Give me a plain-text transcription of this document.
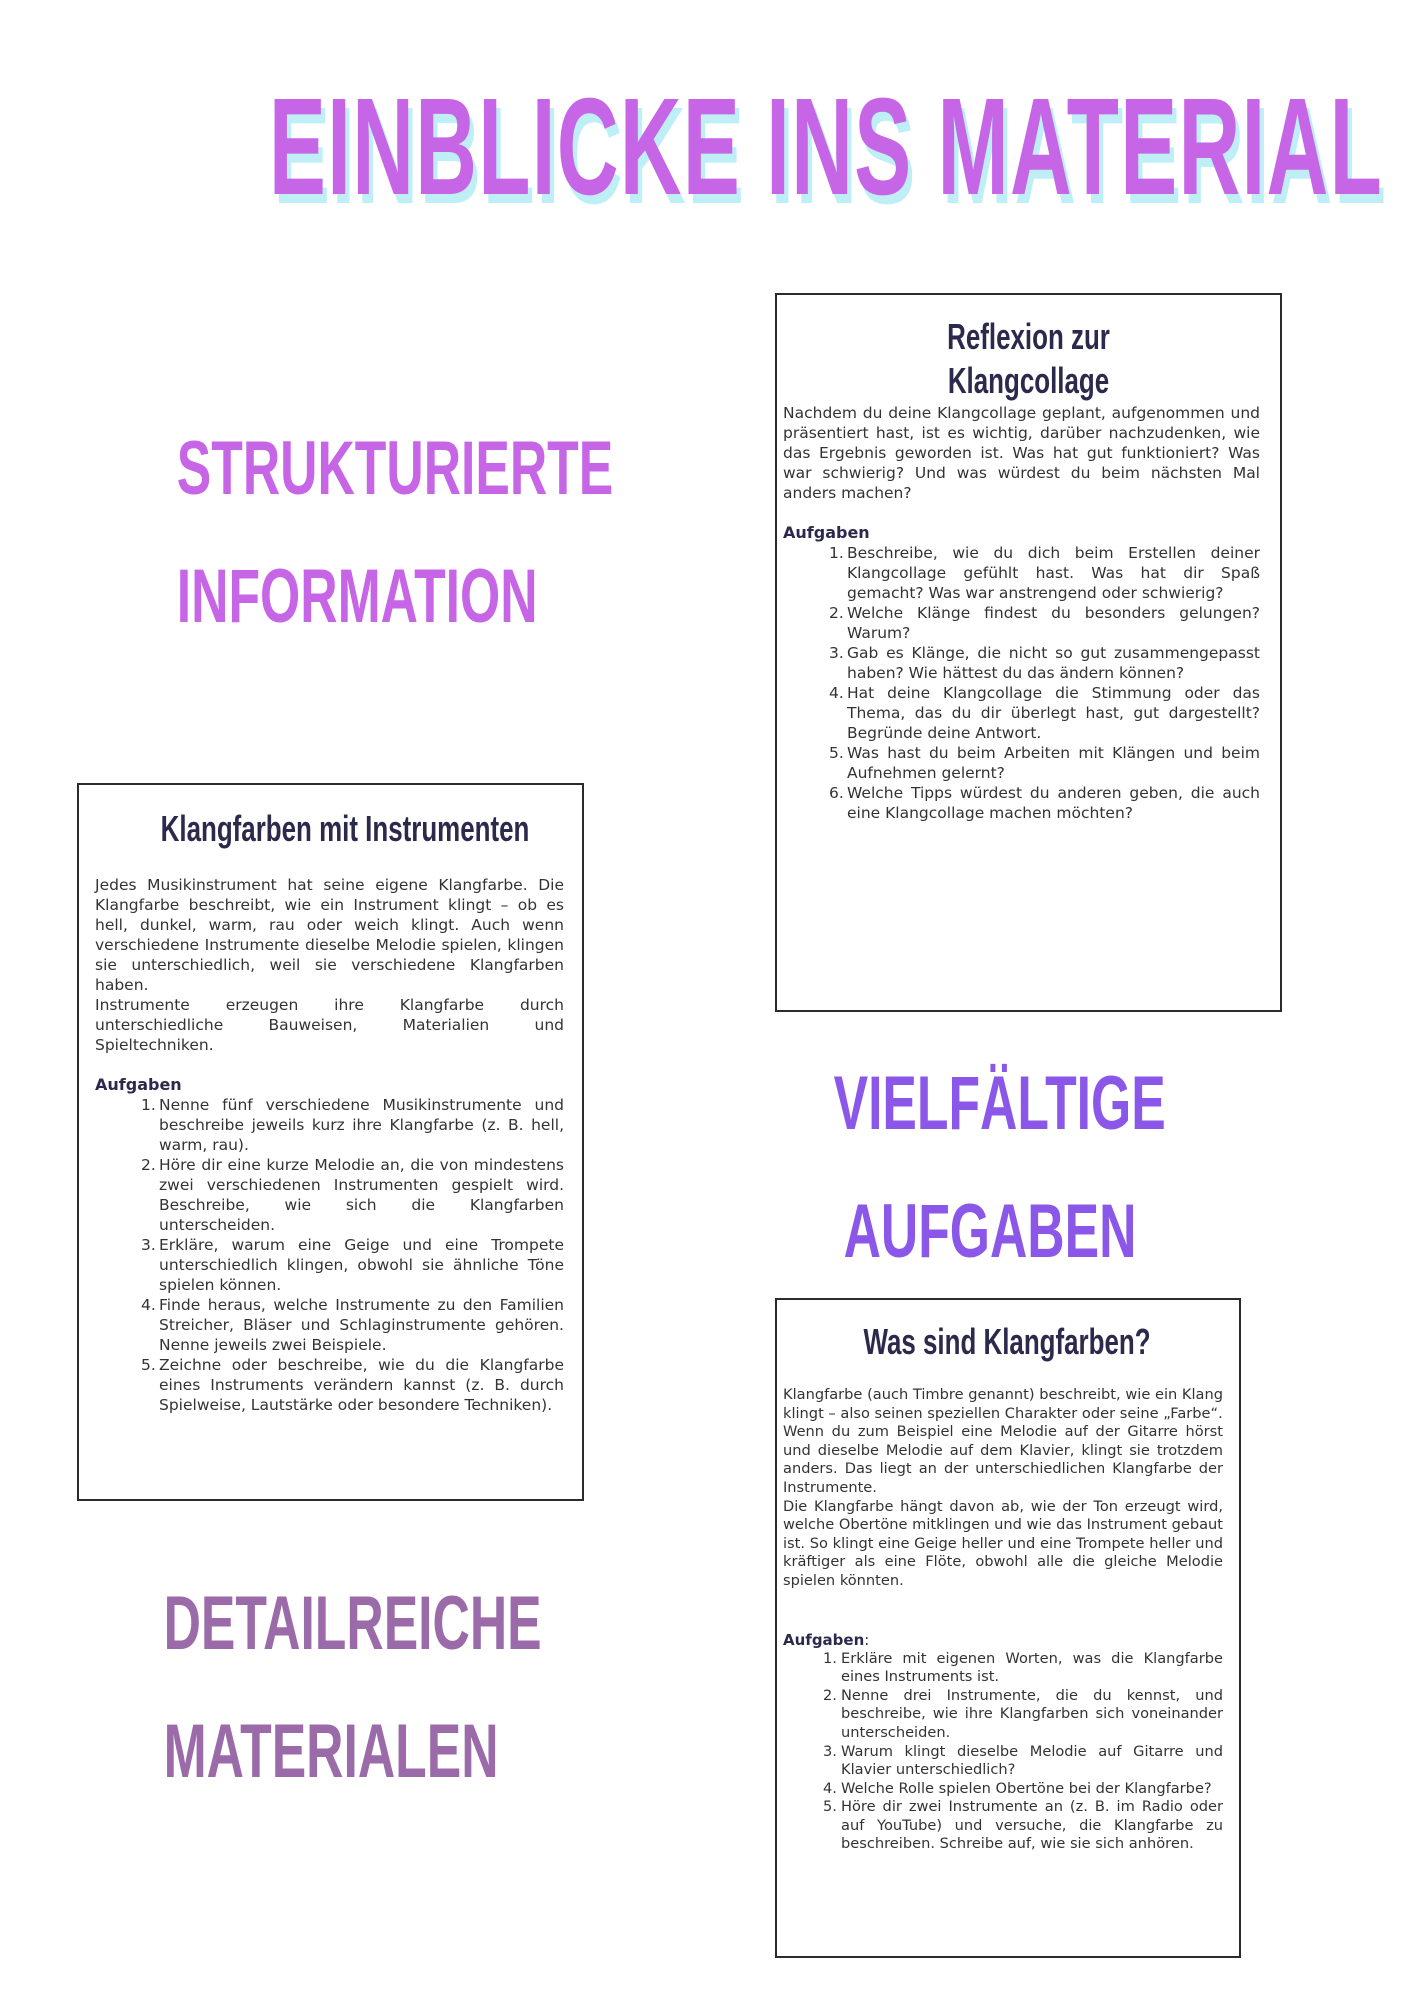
EINBLICKE INS MATERIAL
STRUKTURIERTE
INFORMATION
VIELFÄLTIGE
AUFGABEN
DETAILREICHE
MATERIALEN
Reflexion zur
Klangcollage

Nachdem du deine Klangcollage geplant, aufgenommen und präsentiert hast, ist es wichtig, darüber nachzudenken, wie das Ergebnis geworden ist. Was hat gut funktioniert? Was war schwierig? Und was würdest du beim nächsten Mal anders machen?

Aufgaben
1. Beschreibe, wie du dich beim Erstellen deiner Klangcollage gefühlt hast. Was hat dir Spaß gemacht? Was war anstrengend oder schwierig?
2. Welche Klänge findest du besonders gelungen? Warum?
3. Gab es Klänge, die nicht so gut zusammengepasst haben? Wie hättest du das ändern können?
4. Hat deine Klangcollage die Stimmung oder das Thema, das du dir überlegt hast, gut dargestellt? Begründe deine Antwort.
5. Was hast du beim Arbeiten mit Klängen und beim Aufnehmen gelernt?
6. Welche Tipps würdest du anderen geben, die auch eine Klangcollage machen möchten?
Klangfarben mit Instrumenten

Jedes Musikinstrument hat seine eigene Klangfarbe. Die Klangfarbe beschreibt, wie ein Instrument klingt – ob es hell, dunkel, warm, rau oder weich klingt. Auch wenn verschiedene Instrumente dieselbe Melodie spielen, klingen sie unterschiedlich, weil sie verschiedene Klangfarben haben.

Instrumente erzeugen ihre Klangfarbe durch unterschiedliche Bauweisen, Materialien und Spieltechniken.

Aufgaben
1. Nenne fünf verschiedene Musikinstrumente und beschreibe jeweils kurz ihre Klangfarbe (z. B. hell, warm, rau).
2. Höre dir eine kurze Melodie an, die von mindestens zwei verschiedenen Instrumenten gespielt wird. Beschreibe, wie sich die Klangfarben unterscheiden.
3. Erkläre, warum eine Geige und eine Trompete unterschiedlich klingen, obwohl sie ähnliche Töne spielen können.
4. Finde heraus, welche Instrumente zu den Familien Streicher, Bläser und Schlaginstrumente gehören. Nenne jeweils zwei Beispiele.
5. Zeichne oder beschreibe, wie du die Klangfarbe eines Instruments verändern kannst (z. B. durch Spielweise, Lautstärke oder besondere Techniken).
Was sind Klangfarben?

Klangfarbe (auch Timbre genannt) beschreibt, wie ein Klang klingt – also seinen speziellen Charakter oder seine „Farbe“.

Wenn du zum Beispiel eine Melodie auf der Gitarre hörst und dieselbe Melodie auf dem Klavier, klingt sie trotzdem anders. Das liegt an der unterschiedlichen Klangfarbe der Instrumente.

Die Klangfarbe hängt davon ab, wie der Ton erzeugt wird, welche Obertöne mitklingen und wie das Instrument gebaut ist. So klingt eine Geige heller und eine Trompete heller und kräftiger als eine Flöte, obwohl alle die gleiche Melodie spielen könnten.

Aufgaben:
1. Erkläre mit eigenen Worten, was die Klangfarbe eines Instruments ist.
2. Nenne drei Instrumente, die du kennst, und beschreibe, wie ihre Klangfarben sich voneinander unterscheiden.
3. Warum klingt dieselbe Melodie auf Gitarre und Klavier unterschiedlich?
4. Welche Rolle spielen Obertöne bei der Klangfarbe?
5. Höre dir zwei Instrumente an (z. B. im Radio oder auf YouTube) und versuche, die Klangfarbe zu beschreiben. Schreibe auf, wie sie sich anhören.
